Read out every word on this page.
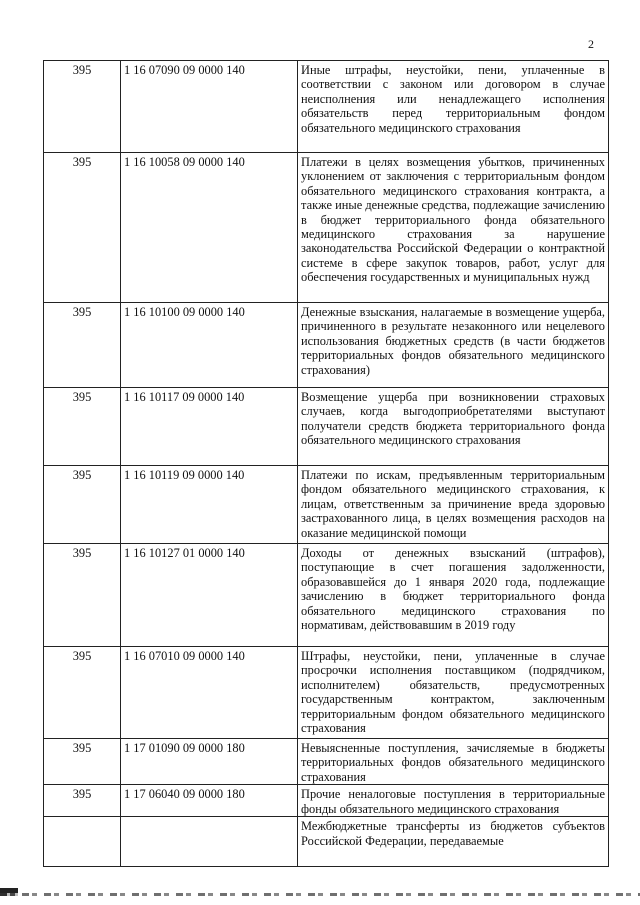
2
395	1 16 07090 09 0000 140	Иные штрафы, неустойки, пени, уплаченные в соответствии с законом или договором в случае неисполнения или ненадлежащего исполнения обязательств перед территориальным фондом обязательного медицинского страхования
395	1 16 10058 09 0000 140	Платежи в целях возмещения убытков, причиненных уклонением от заключения с территориальным фондом обязательного медицинского страхования контракта, а также иные денежные средства, подлежащие зачислению в бюджет территориального фонда обязательного медицинского страхования за нарушение законодательства Российской Федерации о контрактной системе в сфере закупок товаров, работ, услуг для обеспечения государственных и муниципальных нужд
395	1 16 10100 09 0000 140	Денежные взыскания, налагаемые в возмещение ущерба, причиненного в результате незаконного или нецелевого использования бюджетных средств (в части бюджетов территориальных фондов обязательного медицинского страхования)
395	1 16 10117 09 0000 140	Возмещение ущерба при возникновении страховых случаев, когда выгодоприобретателями выступают получатели средств бюджета территориального фонда обязательного медицинского страхования
395	1 16 10119 09 0000 140	Платежи по искам, предъявленным территориальным фондом обязательного медицинского страхования, к лицам, ответственным за причинение вреда здоровью застрахованного лица, в целях возмещения расходов на оказание медицинской помощи
395	1 16 10127 01 0000 140	Доходы от денежных взысканий (штрафов), поступающие в счет погашения задолженности, образовавшейся до 1 января 2020 года, подлежащие зачислению в бюджет территориального фонда обязательного медицинского страхования по нормативам, действовавшим в 2019 году
395	1 16 07010 09 0000 140	Штрафы, неустойки, пени, уплаченные в случае просрочки исполнения поставщиком (подрядчиком, исполнителем) обязательств, предусмотренных государственным контрактом, заключенным территориальным фондом обязательного медицинского страхования
395	1 17 01090 09 0000 180	Невыясненные поступления, зачисляемые в бюджеты территориальных фондов обязательного медицинского страхования
395	1 17 06040 09 0000 180	Прочие неналоговые поступления в территориальные фонды обязательного медицинского страхования
		Межбюджетные трансферты из бюджетов субъектов Российской Федерации, передаваемые
